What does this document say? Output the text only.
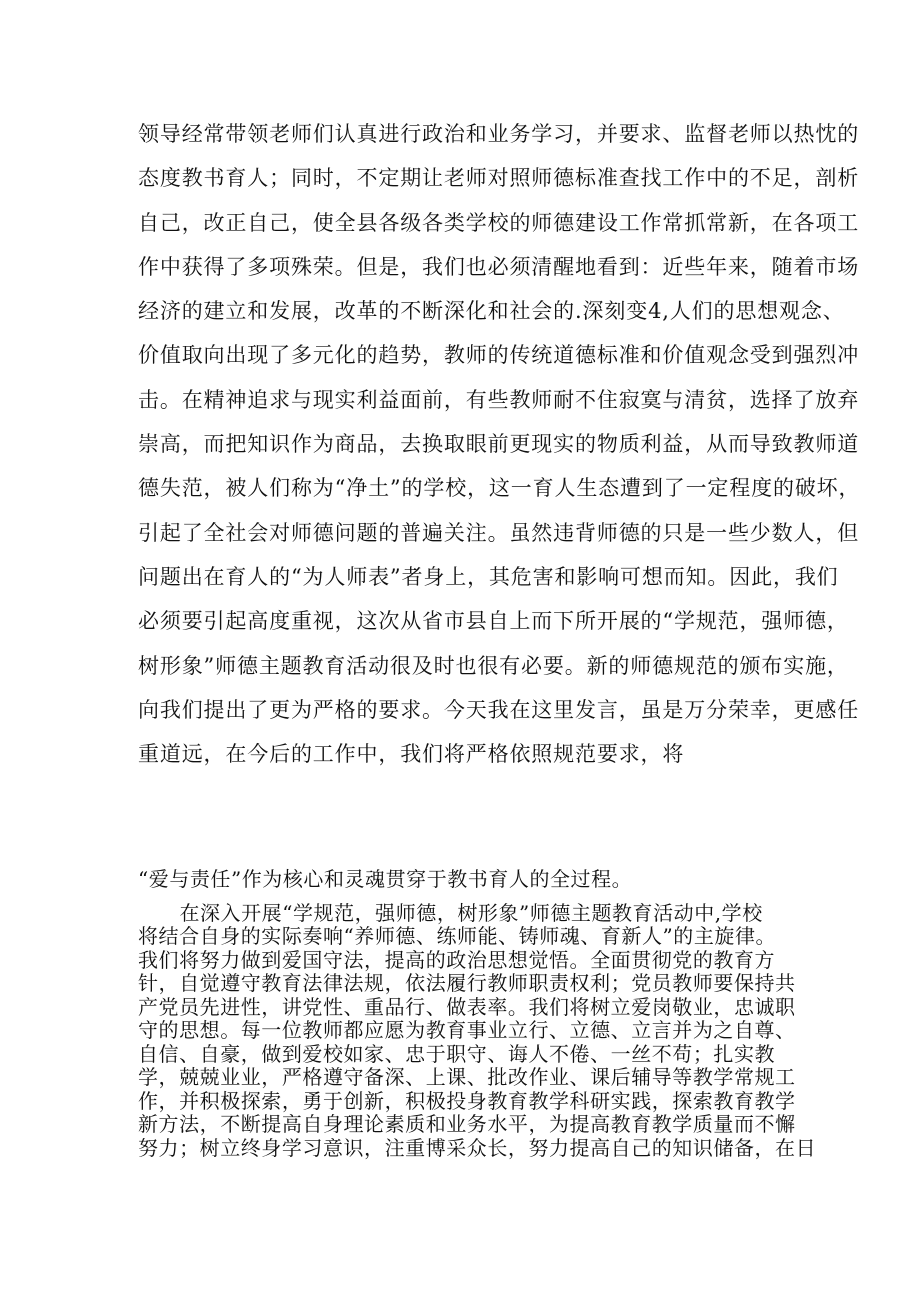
领导经常带领老师们认真进行政治和业务学习，并要求、监督老师以热忱的
态度教书育人；同时，不定期让老师对照师德标准查找工作中的不足，剖析
自己，改正自己，使全县各级各类学校的师德建设工作常抓常新，在各项工
作中获得了多项殊荣。但是，我们也必须清醒地看到：近些年来，随着市场
经济的建立和发展，改革的不断深化和社会的.深刻变4,人们的思想观念、
价值取向出现了多元化的趋势，教师的传统道德标准和价值观念受到强烈冲
击。在精神追求与现实利益面前，有些教师耐不住寂寞与清贫，选择了放弃
崇高，而把知识作为商品，去换取眼前更现实的物质利益，从而导致教师道
德失范，被人们称为“净土”的学校，这一育人生态遭到了一定程度的破坏，
引起了全社会对师德问题的普遍关注。虽然违背师德的只是一些少数人，但
问题出在育人的“为人师表”者身上，其危害和影响可想而知。因此，我们
必须要引起高度重视，这次从省市县自上而下所开展的“学规范，强师德，
树形象”师德主题教育活动很及时也很有必要。新的师德规范的颁布实施，
向我们提出了更为严格的要求。今天我在这里发言，虽是万分荣幸，更感任
重道远，在今后的工作中，我们将严格依照规范要求，将
“爱与责任”作为核心和灵魂贯穿于教书育人的全过程。
在深入开展“学规范，强师德，树形象”师德主题教育活动中,学校
将结合自身的实际奏响“养师德、练师能、铸师魂、育新人”的主旋律。
我们将努力做到爱国守法，提高的政治思想觉悟。全面贯彻党的教育方
针，自觉遵守教育法律法规，依法履行教师职责权利；党员教师要保持共
产党员先进性，讲党性、重品行、做表率。我们将树立爱岗敬业，忠诚职
守的思想。每一位教师都应愿为教育事业立行、立德、立言并为之自尊、
自信、自豪，做到爱校如家、忠于职守、诲人不倦、一丝不苟；扎实教
学，兢兢业业，严格遵守备深、上课、批改作业、课后辅导等教学常规工
作，并积极探索，勇于创新，积极投身教育教学科研实践，探索教育教学
新方法，不断提高自身理论素质和业务水平，为提高教育教学质量而不懈
努力；树立终身学习意识，注重博采众长，努力提高自己的知识储备，在日
